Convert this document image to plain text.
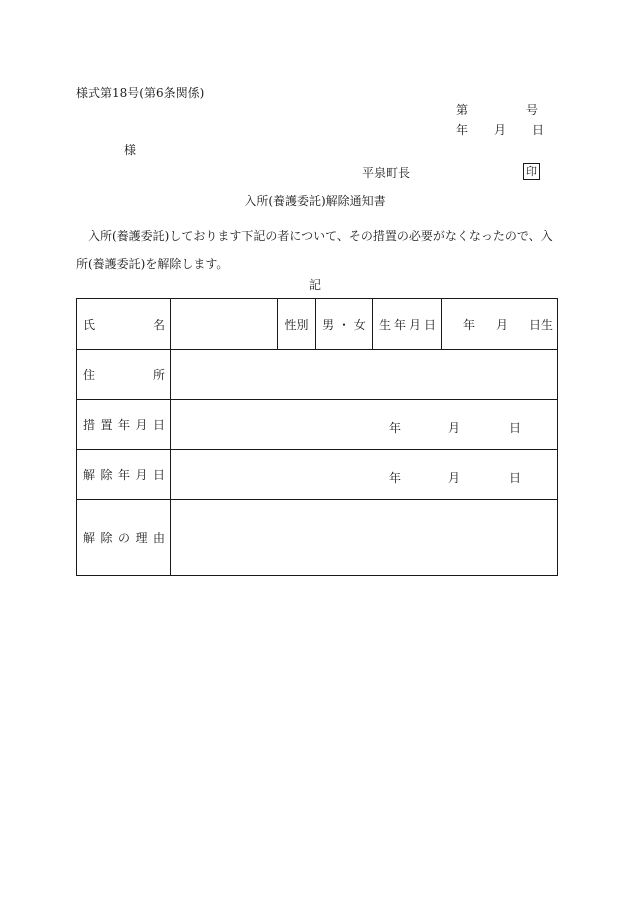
様式第18号(第6条関係)
第	号
年 月 日
様
平泉町長	印
入所(養護委託)解除通知書
入所(養護委託)しております下記の者について、その措置の必要がなくなったので、入所(養護委託)を解除します。
記
氏 名		性別	男 ・ 女	生 年 月 日	年 月 日生

住 所					

措 置 年 月 日	年 月 日				

解 除 年 月 日	年 月 日				

解 除 の 理 由					
